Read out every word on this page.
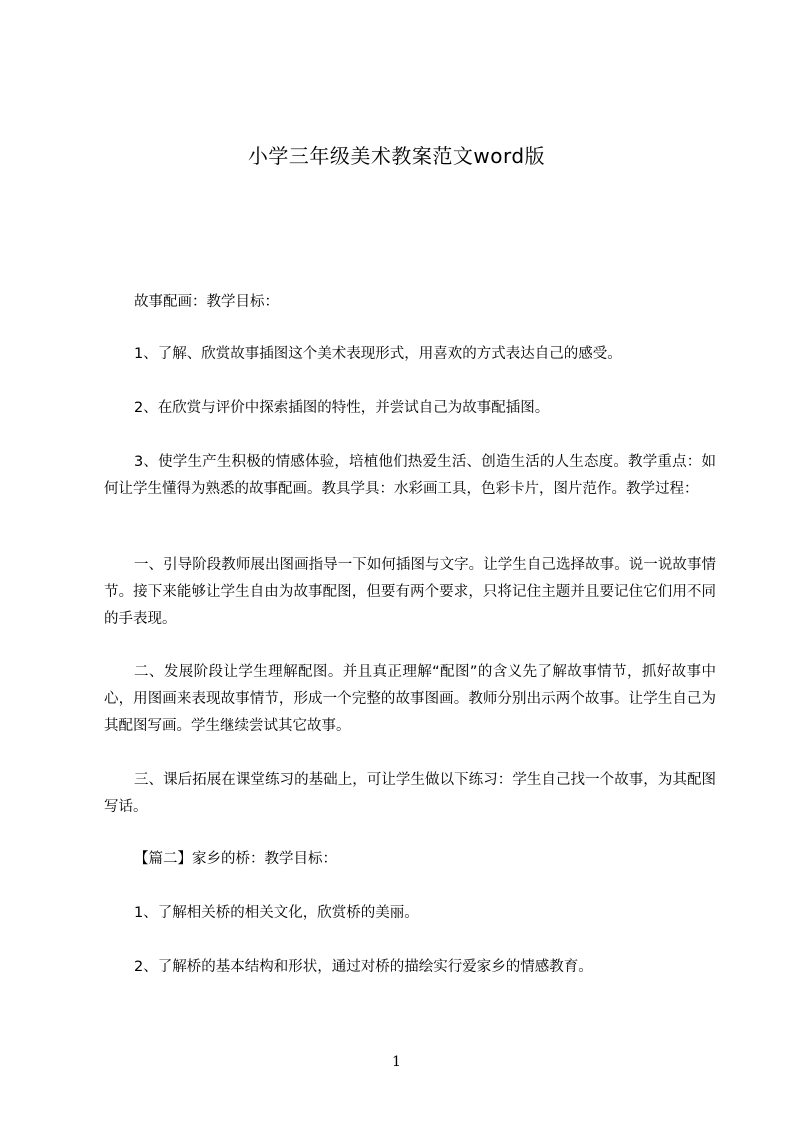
小学三年级美术教案范文word版

故事配画：教学目标：

1、了解、欣赏故事插图这个美术表现形式，用喜欢的方式表达自己的感受。

2、在欣赏与评价中探索插图的特性，并尝试自己为故事配插图。

3、使学生产生积极的情感体验，培植他们热爱生活、创造生活的人生态度。教学重点：如何让学生懂得为熟悉的故事配画。教具学具：水彩画工具，色彩卡片，图片范作。教学过程：

一、引导阶段教师展出图画指导一下如何插图与文字。让学生自己选择故事。说一说故事情节。接下来能够让学生自由为故事配图，但要有两个要求，只将记住主题并且要记住它们用不同的手表现。

二、发展阶段让学生理解配图。并且真正理解“配图”的含义先了解故事情节，抓好故事中心，用图画来表现故事情节，形成一个完整的故事图画。教师分别出示两个故事。让学生自己为其配图写画。学生继续尝试其它故事。

三、课后拓展在课堂练习的基础上，可让学生做以下练习：学生自己找一个故事，为其配图写话。

【篇二】家乡的桥：教学目标：

1、了解相关桥的相关文化，欣赏桥的美丽。

2、了解桥的基本结构和形状，通过对桥的描绘实行爱家乡的情感教育。

1
